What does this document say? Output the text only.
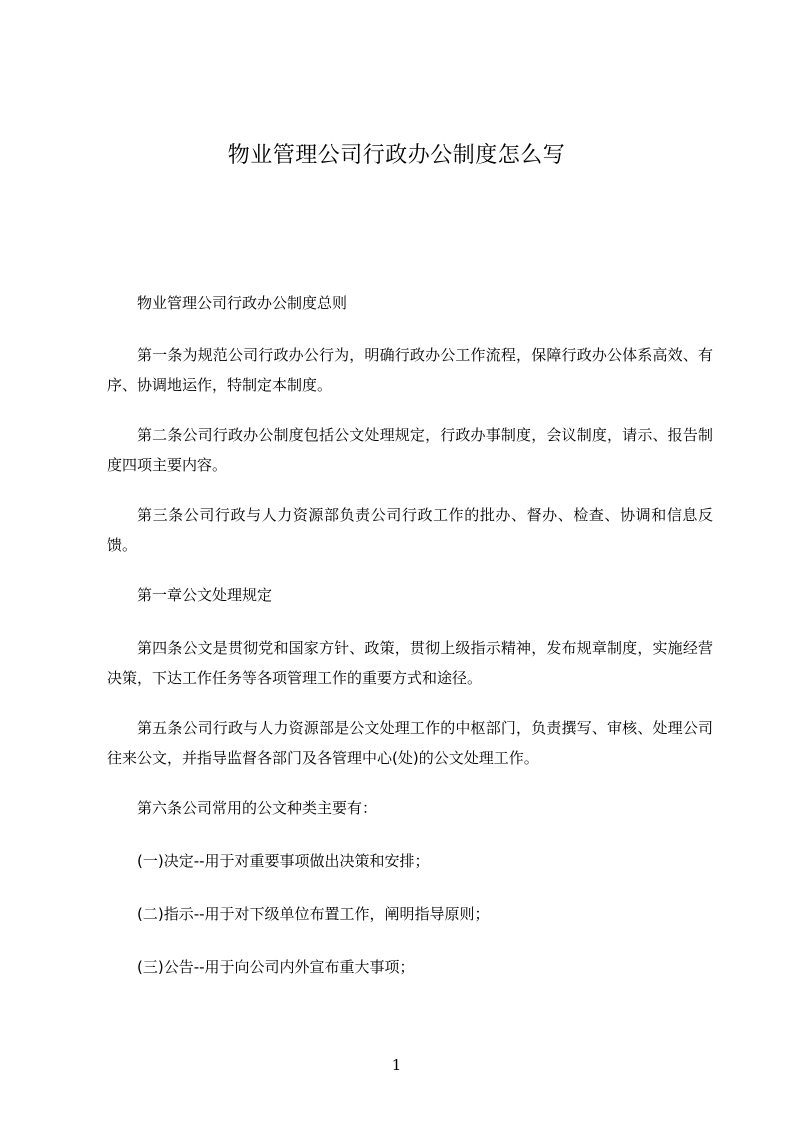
物业管理公司行政办公制度怎么写
物业管理公司行政办公制度总则
第一条为规范公司行政办公行为，明确行政办公工作流程，保障行政办公体系高效、有序、协调地运作，特制定本制度。
第二条公司行政办公制度包括公文处理规定，行政办事制度，会议制度，请示、报告制度四项主要内容。
第三条公司行政与人力资源部负责公司行政工作的批办、督办、检查、协调和信息反馈。
第一章公文处理规定
第四条公文是贯彻党和国家方针、政策，贯彻上级指示精神，发布规章制度，实施经营决策，下达工作任务等各项管理工作的重要方式和途径。
第五条公司行政与人力资源部是公文处理工作的中枢部门，负责撰写、审核、处理公司往来公文，并指导监督各部门及各管理中心(处)的公文处理工作。
第六条公司常用的公文种类主要有：
(一)决定--用于对重要事项做出决策和安排；
(二)指示--用于对下级单位布置工作，阐明指导原则；
(三)公告--用于向公司内外宣布重大事项；
1
